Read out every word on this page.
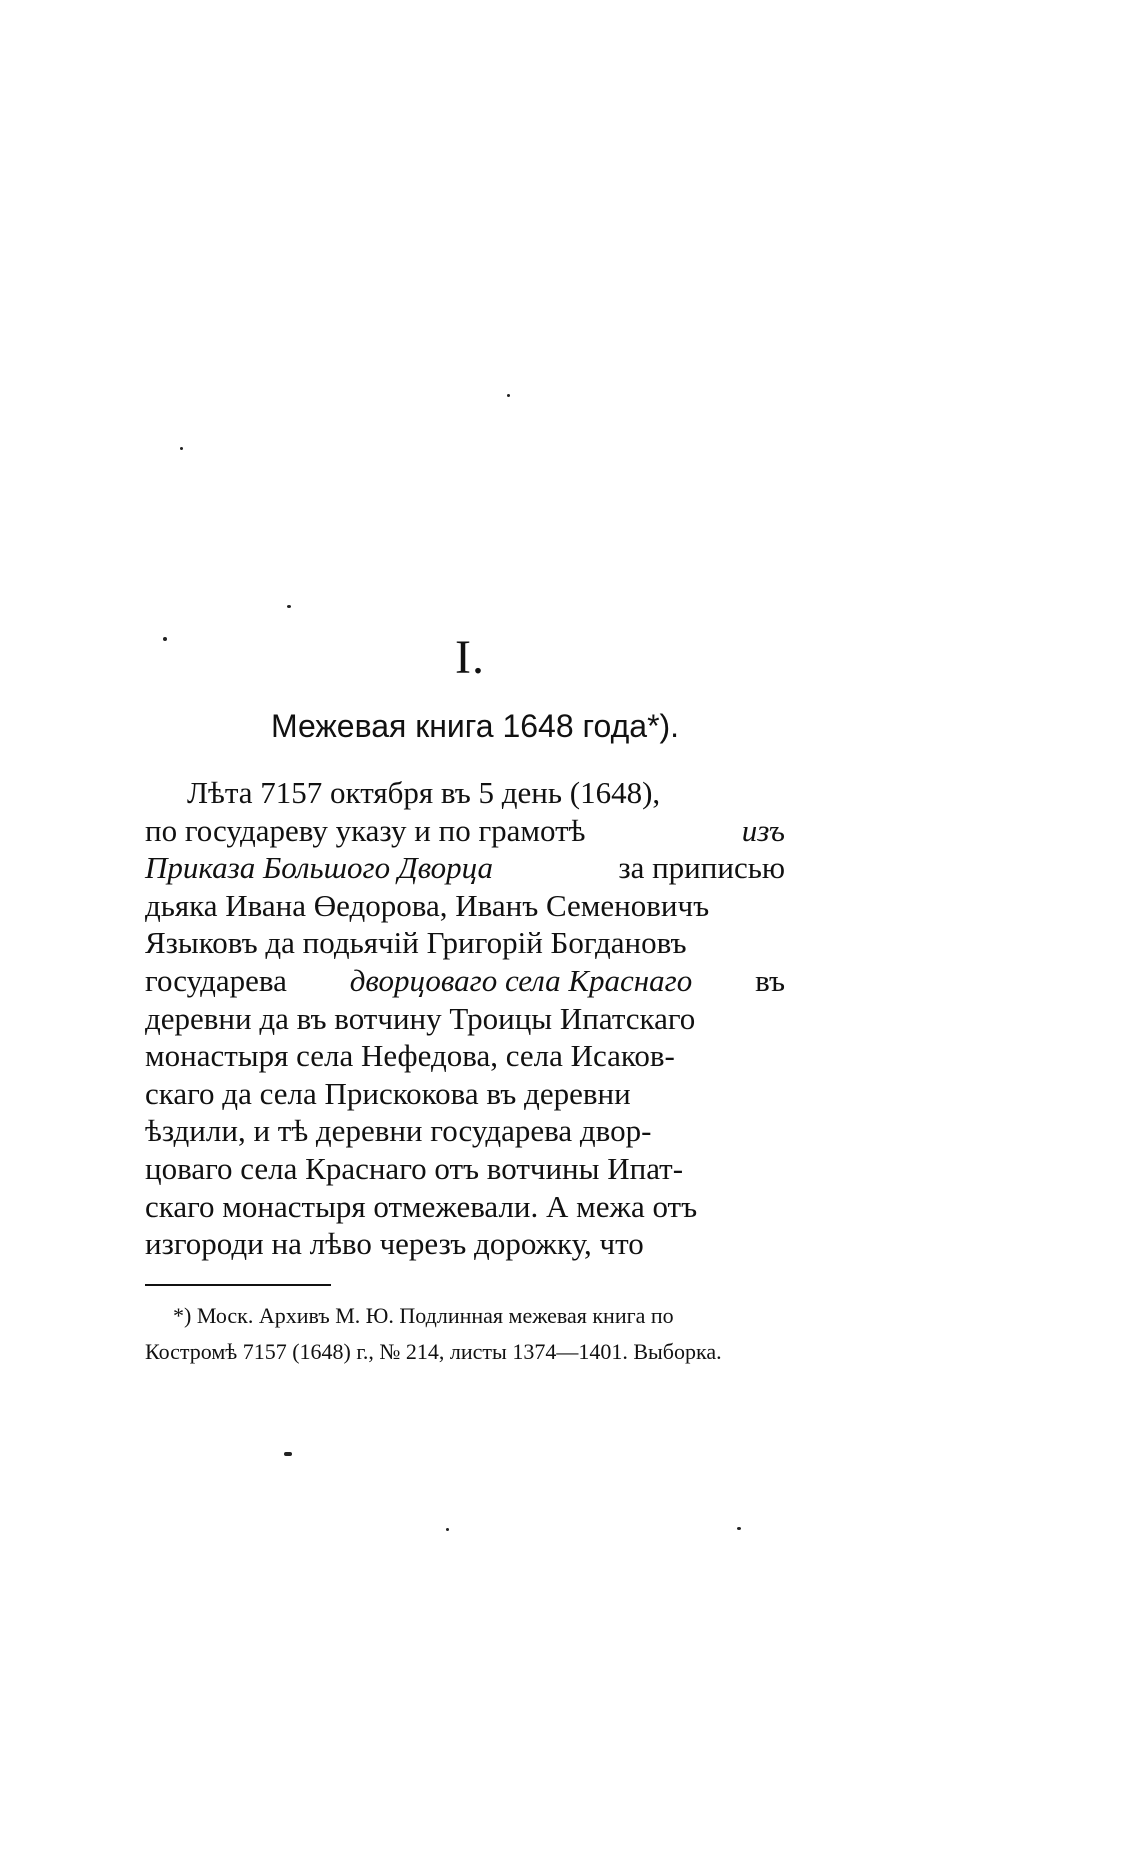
I.
Межевая книга 1648 года*).
Лѣта 7157 октября въ 5 день (1648),
по государеву указу и по грамотѣ	изъ
Приказа Большого Дворца	за приписью
дьяка Ивана Өедорова, Иванъ Семеновичъ
Языковъ да подьячій Григорій Богдановъ
государева дворцоваго села Краснаго въ
деревни да въ вотчину Троицы Ипатскаго
монастыря села Нефедова, села Исаков-
скаго да села Прискокова въ деревни
ѣздили, и тѣ деревни государева двор-
цоваго села Краснаго отъ вотчины Ипат-
скаго монастыря отмежевали. А межа отъ
изгороди на лѣво черезъ дорожку, что
*) Моск. Архивъ М. Ю. Подлинная межевая книга по
Костромѣ 7157 (1648) г., № 214, листы 1374—1401. Выборка.
